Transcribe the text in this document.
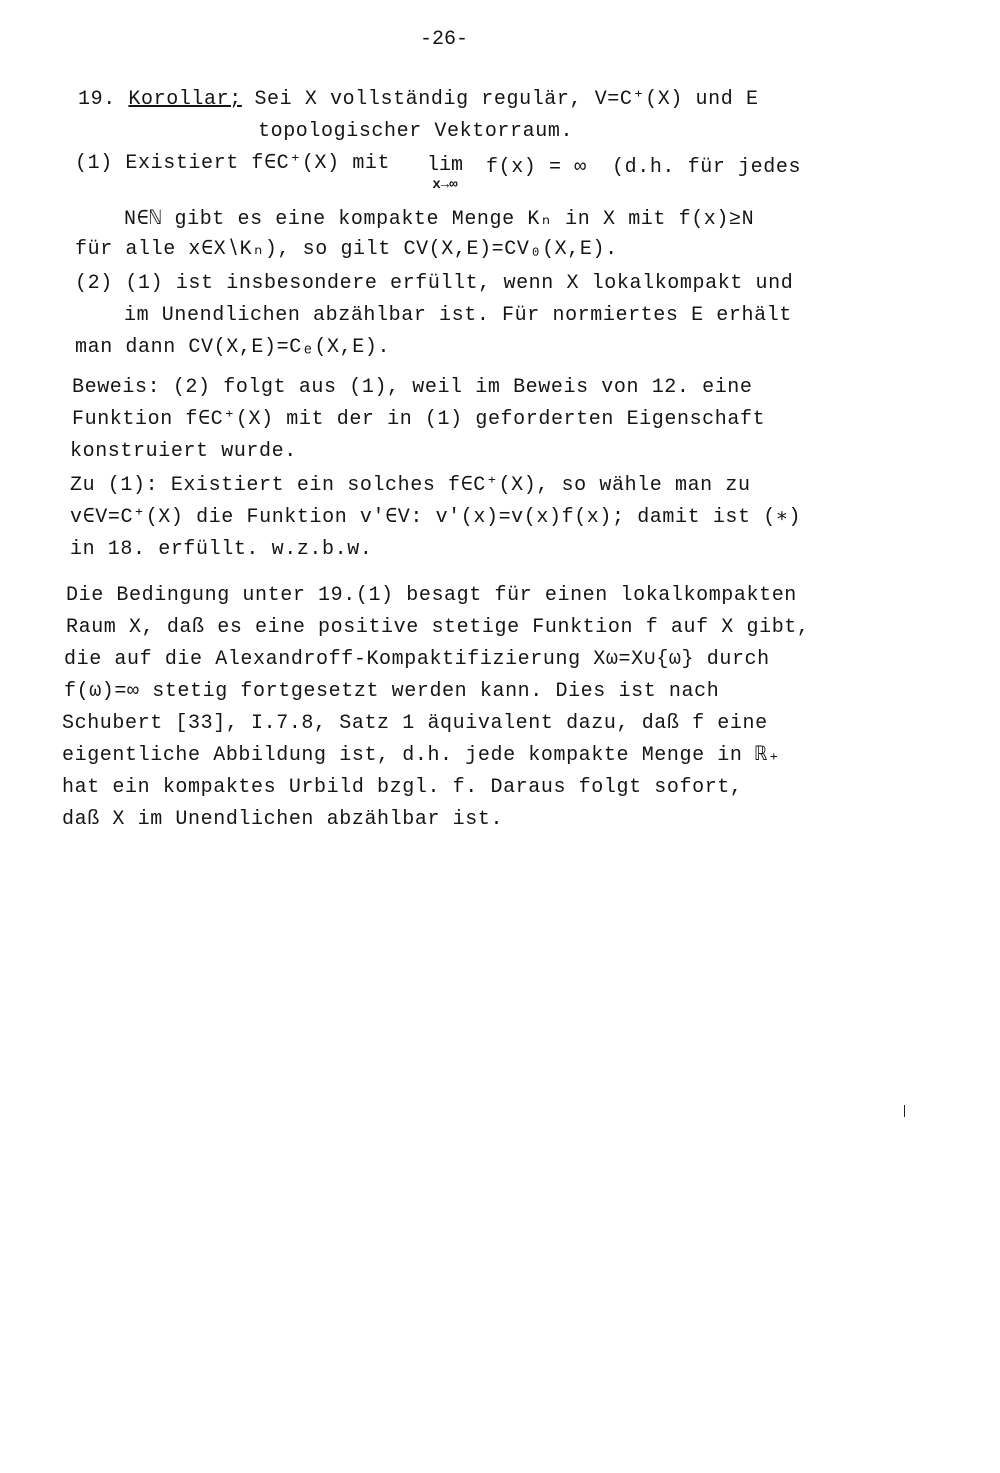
-26-
19. Korollar; Sei X vollständig regulär, V=C⁺(X) und E
topologischer Vektorraum.
(1) Existiert f∈C⁺(X) mit	lim
x→∞
f(x) = ∞  (d.h. für jedes
N∈ℕ gibt es eine kompakte Menge Kₙ in X mit f(x)≥N
für alle x∈X∖Kₙ), so gilt CV(X,E)=CV₀(X,E).
(2) (1) ist insbesondere erfüllt, wenn X lokalkompakt und
im Unendlichen abzählbar ist. Für normiertes E erhält
man dann CV(X,E)=Cₑ(X,E).
Beweis: (2) folgt aus (1), weil im Beweis von 12. eine
Funktion f∈C⁺(X) mit der in (1) geforderten Eigenschaft
konstruiert wurde.
Zu (1): Existiert ein solches f∈C⁺(X), so wähle man zu
v∈V=C⁺(X) die Funktion v'∈V: v'(x)=v(x)f(x); damit ist (∗)
in 18. erfüllt. w.z.b.w.
Die Bedingung unter 19.(1) besagt für einen lokalkompakten
Raum X, daß es eine positive stetige Funktion f auf X gibt,
die auf die Alexandroff-Kompaktifizierung Xω=X∪{ω} durch
f(ω)=∞ stetig fortgesetzt werden kann. Dies ist nach
Schubert [33], I.7.8, Satz 1 äquivalent dazu, daß f eine
eigentliche Abbildung ist, d.h. jede kompakte Menge in ℝ₊
hat ein kompaktes Urbild bzgl. f. Daraus folgt sofort,
daß X im Unendlichen abzählbar ist.
